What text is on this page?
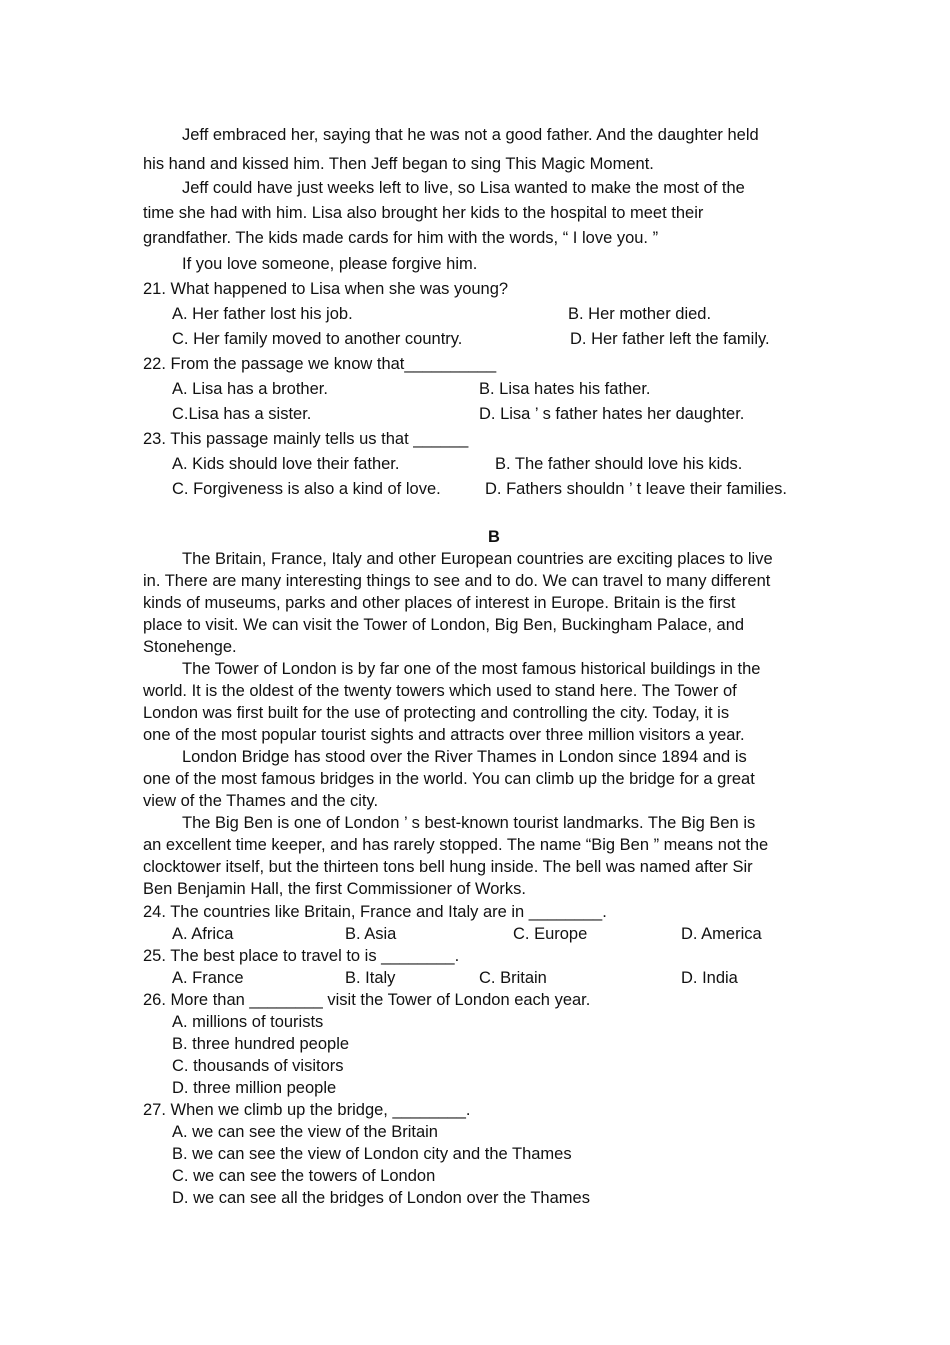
Jeff embraced her, saying that he was not a good father. And the daughter held
his hand and kissed him. Then Jeff began to sing This Magic Moment.
Jeff could have just weeks left to live, so Lisa wanted to make the most of the
time she had with him. Lisa also brought her kids to the hospital to meet their
grandfather. The kids made cards for him with the words, “ I love you. ”
If you love someone, please forgive him.
21. What happened to Lisa when she was young?
A. Her father lost his job.	B. Her mother died.
C. Her family moved to another country.	D. Her father left the family.
22. From the passage we know that__________
A. Lisa has a brother.	B. Lisa hates his father.
C.Lisa has a sister.	D. Lisa ’ s father hates her daughter.
23. This passage mainly tells us that ______
A. Kids should love their father.	B. The father should love his kids.
C. Forgiveness is also a kind of love.	D. Fathers shouldn ’ t leave their families.
B
The Britain, France, Italy and other European countries are exciting places to live
in. There are many interesting things to see and to do. We can travel to many different
kinds of museums, parks and other places of interest in Europe. Britain is the first
place to visit. We can visit the Tower of London, Big Ben, Buckingham Palace, and
Stonehenge.
The Tower of London is by far one of the most famous historical buildings in the
world. It is the oldest of the twenty towers which used to stand here. The Tower of
London was first built for the use of protecting and controlling the city. Today, it is
one of the most popular tourist sights and attracts over three million visitors a year.
London Bridge has stood over the River Thames in London since 1894 and is
one of the most famous bridges in the world. You can climb up the bridge for a great
view of the Thames and the city.
The Big Ben is one of London ’ s best-known tourist landmarks. The Big Ben is
an excellent time keeper, and has rarely stopped. The name “Big Ben ” means not the
clocktower itself, but the thirteen tons bell hung inside. The bell was named after Sir
Ben Benjamin Hall, the first Commissioner of Works.
24. The countries like Britain, France and Italy are in ________.
A. Africa	B. Asia	C. Europe	D. America
25. The best place to travel to is ________.
A. France	B. Italy	C. Britain	D. India
26. More than ________ visit the Tower of London each year.
A. millions of tourists
B. three hundred people
C. thousands of visitors
D. three million people
27. When we climb up the bridge, ________.
A. we can see the view of the Britain
B. we can see the view of London city and the Thames
C. we can see the towers of London
D. we can see all the bridges of London over the Thames
